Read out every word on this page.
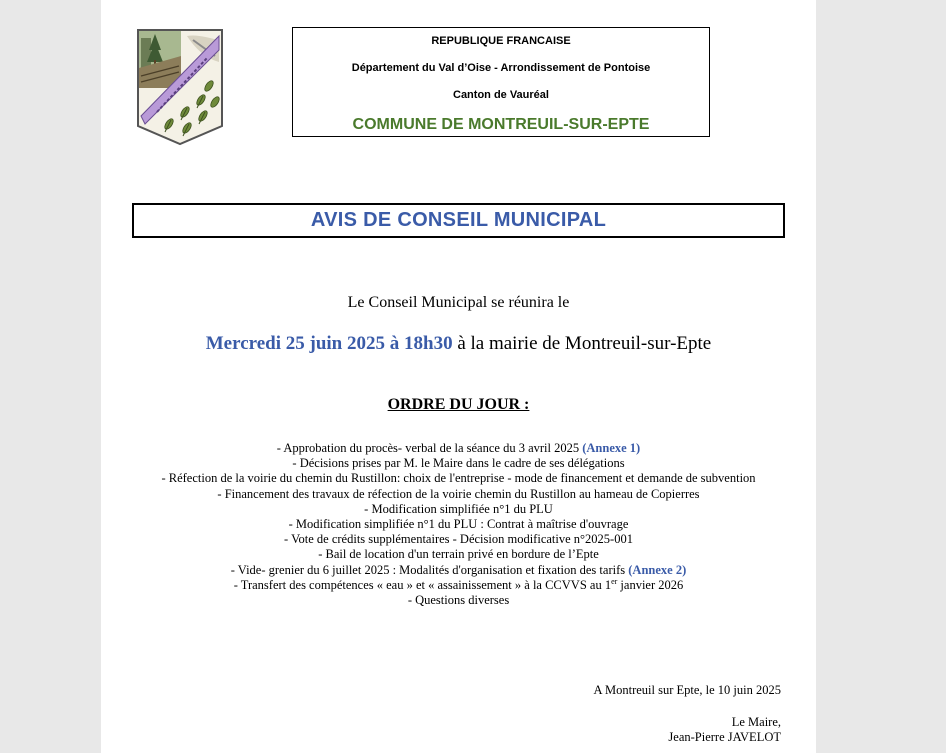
REPUBLIQUE FRANCAISE
Département du Val d’Oise - Arrondissement de Pontoise
Canton de Vauréal
COMMUNE DE MONTREUIL-SUR-EPTE
AVIS DE CONSEIL MUNICIPAL
Le Conseil Municipal se réunira le
Mercredi 25 juin 2025 à 18h30 à la mairie de Montreuil-sur-Epte
ORDRE DU JOUR :
- Approbation du procès- verbal de la séance du 3 avril 2025 (Annexe 1)
- Décisions prises par M. le Maire dans le cadre de ses délégations
- Réfection de la voirie du chemin du Rustillon: choix de l'entreprise - mode de financement et demande de subvention
- Financement des travaux de réfection de la voirie chemin du Rustillon au hameau de Copierres
- Modification simplifiée n°1 du PLU
- Modification simplifiée n°1 du PLU : Contrat à maîtrise d'ouvrage
- Vote de crédits supplémentaires - Décision modificative n°2025-001
- Bail de location d'un terrain privé en bordure de l’Epte
- Vide- grenier du 6 juillet 2025 : Modalités d'organisation et fixation des tarifs (Annexe 2)
- Transfert des compétences « eau » et « assainissement » à la CCVVS au 1er janvier 2026
- Questions diverses
A Montreuil sur Epte, le 10 juin 2025
Le Maire,
Jean-Pierre JAVELOT
